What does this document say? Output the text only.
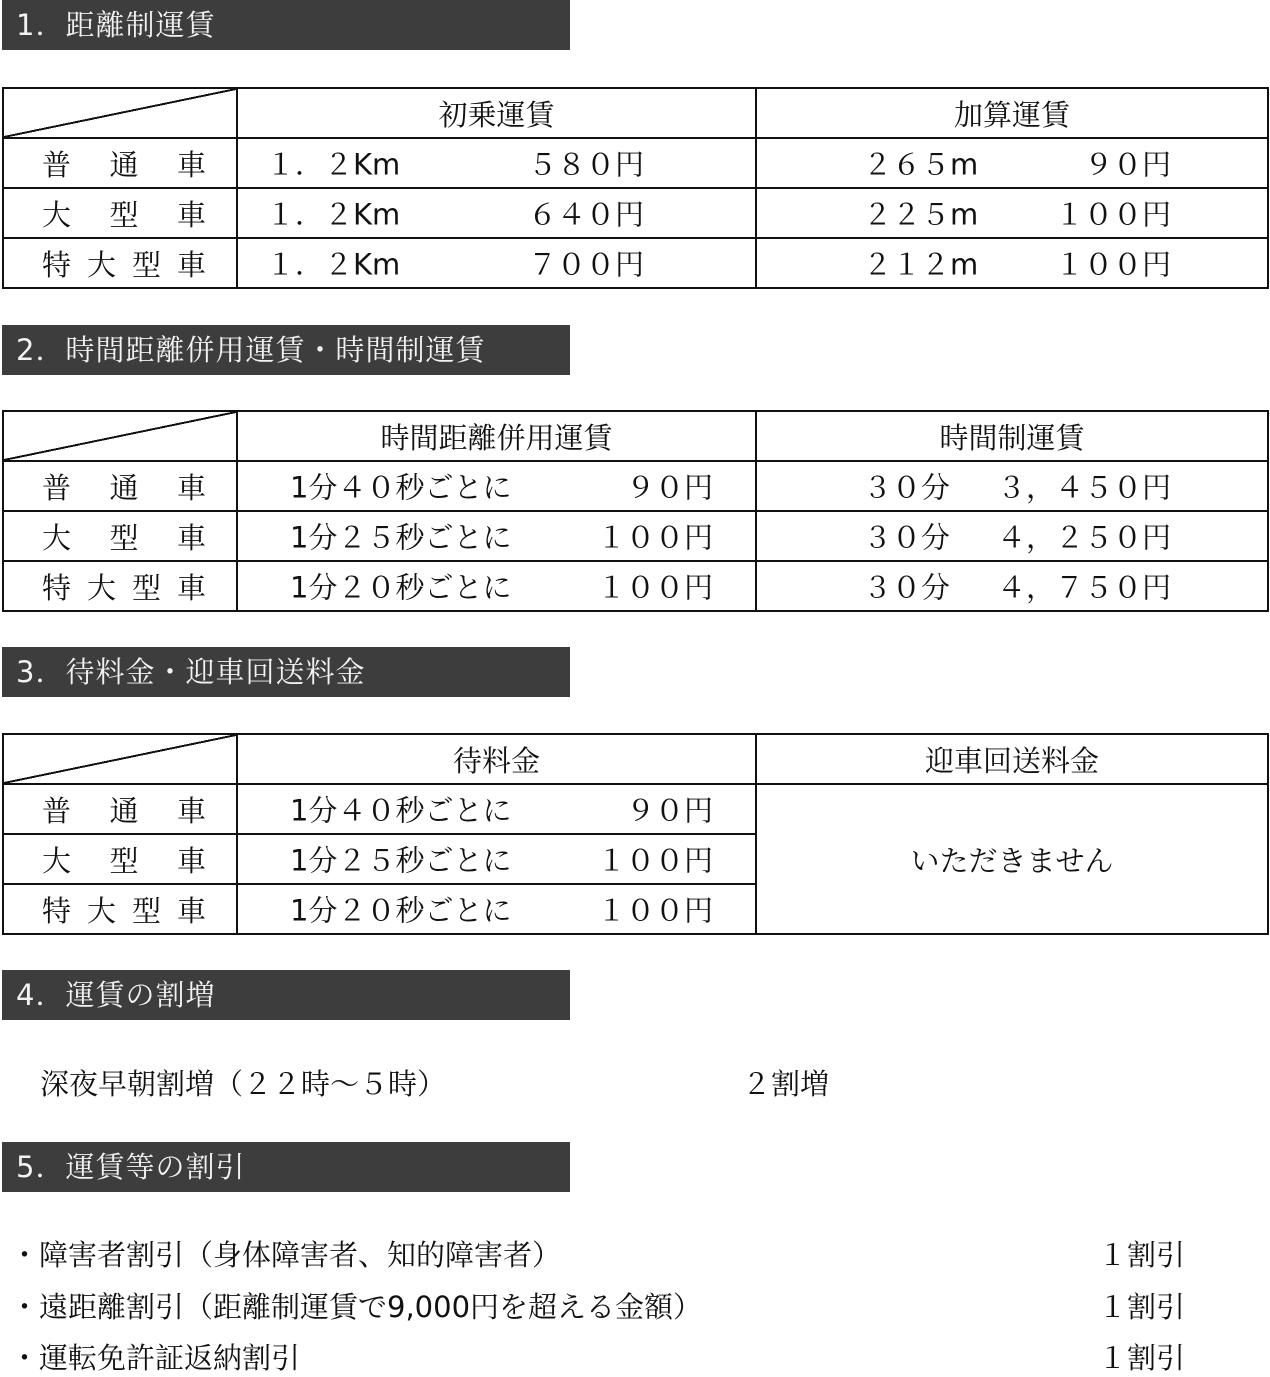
1．距離制運賃
	初乗運賃	加算運賃

普 通 車	１．２Km ５８０円	２６５m ９０円

大 型 車	１．２Km ６４０円	２２５m １００円

特 大 型 車	１．２Km ７００円	２１２m １００円
2．時間距離併用運賃・時間制運賃
	時間距離併用運賃	時間制運賃

普 通 車	1分４０秒ごとに ９０円	３０分 ３，４５０円

大 型 車	1分２５秒ごとに １００円	３０分 ４，２５０円

特 大 型 車	1分２０秒ごとに １００円	３０分 ４，７５０円
3．待料金・迎車回送料金
	待料金	迎車回送料金

普 通 車	1分４０秒ごとに ９０円	いただきません

大 型 車	1分２５秒ごとに １００円	

特 大 型 車	1分２０秒ごとに １００円	
4．運賃の割増
深夜早朝割増（２２時～５時）	２割増
5．運賃等の割引
・障害者割引（身体障害者、知的障害者）	１割引
・遠距離割引（距離制運賃で9,000円を超える金額）	１割引
・運転免許証返納割引	１割引
